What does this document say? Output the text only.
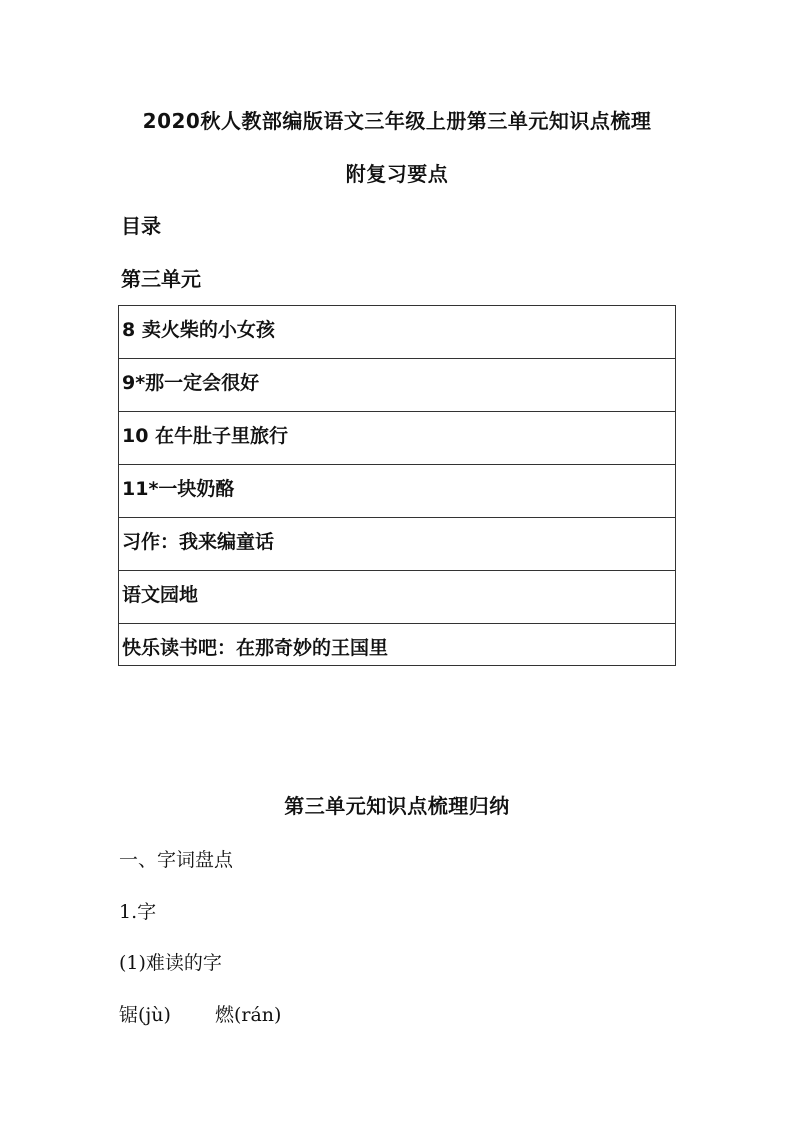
2020秋人教部编版语文三年级上册第三单元知识点梳理
附复习要点
目录
第三单元
8 卖火柴的小女孩
9*那一定会很好
10 在牛肚子里旅行
11*一块奶酪
习作：我来编童话
语文园地
快乐读书吧：在那奇妙的王国里
第三单元知识点梳理归纳
一、字词盘点
1.字
(1)难读的字
锯(jù) 燃(rán)
